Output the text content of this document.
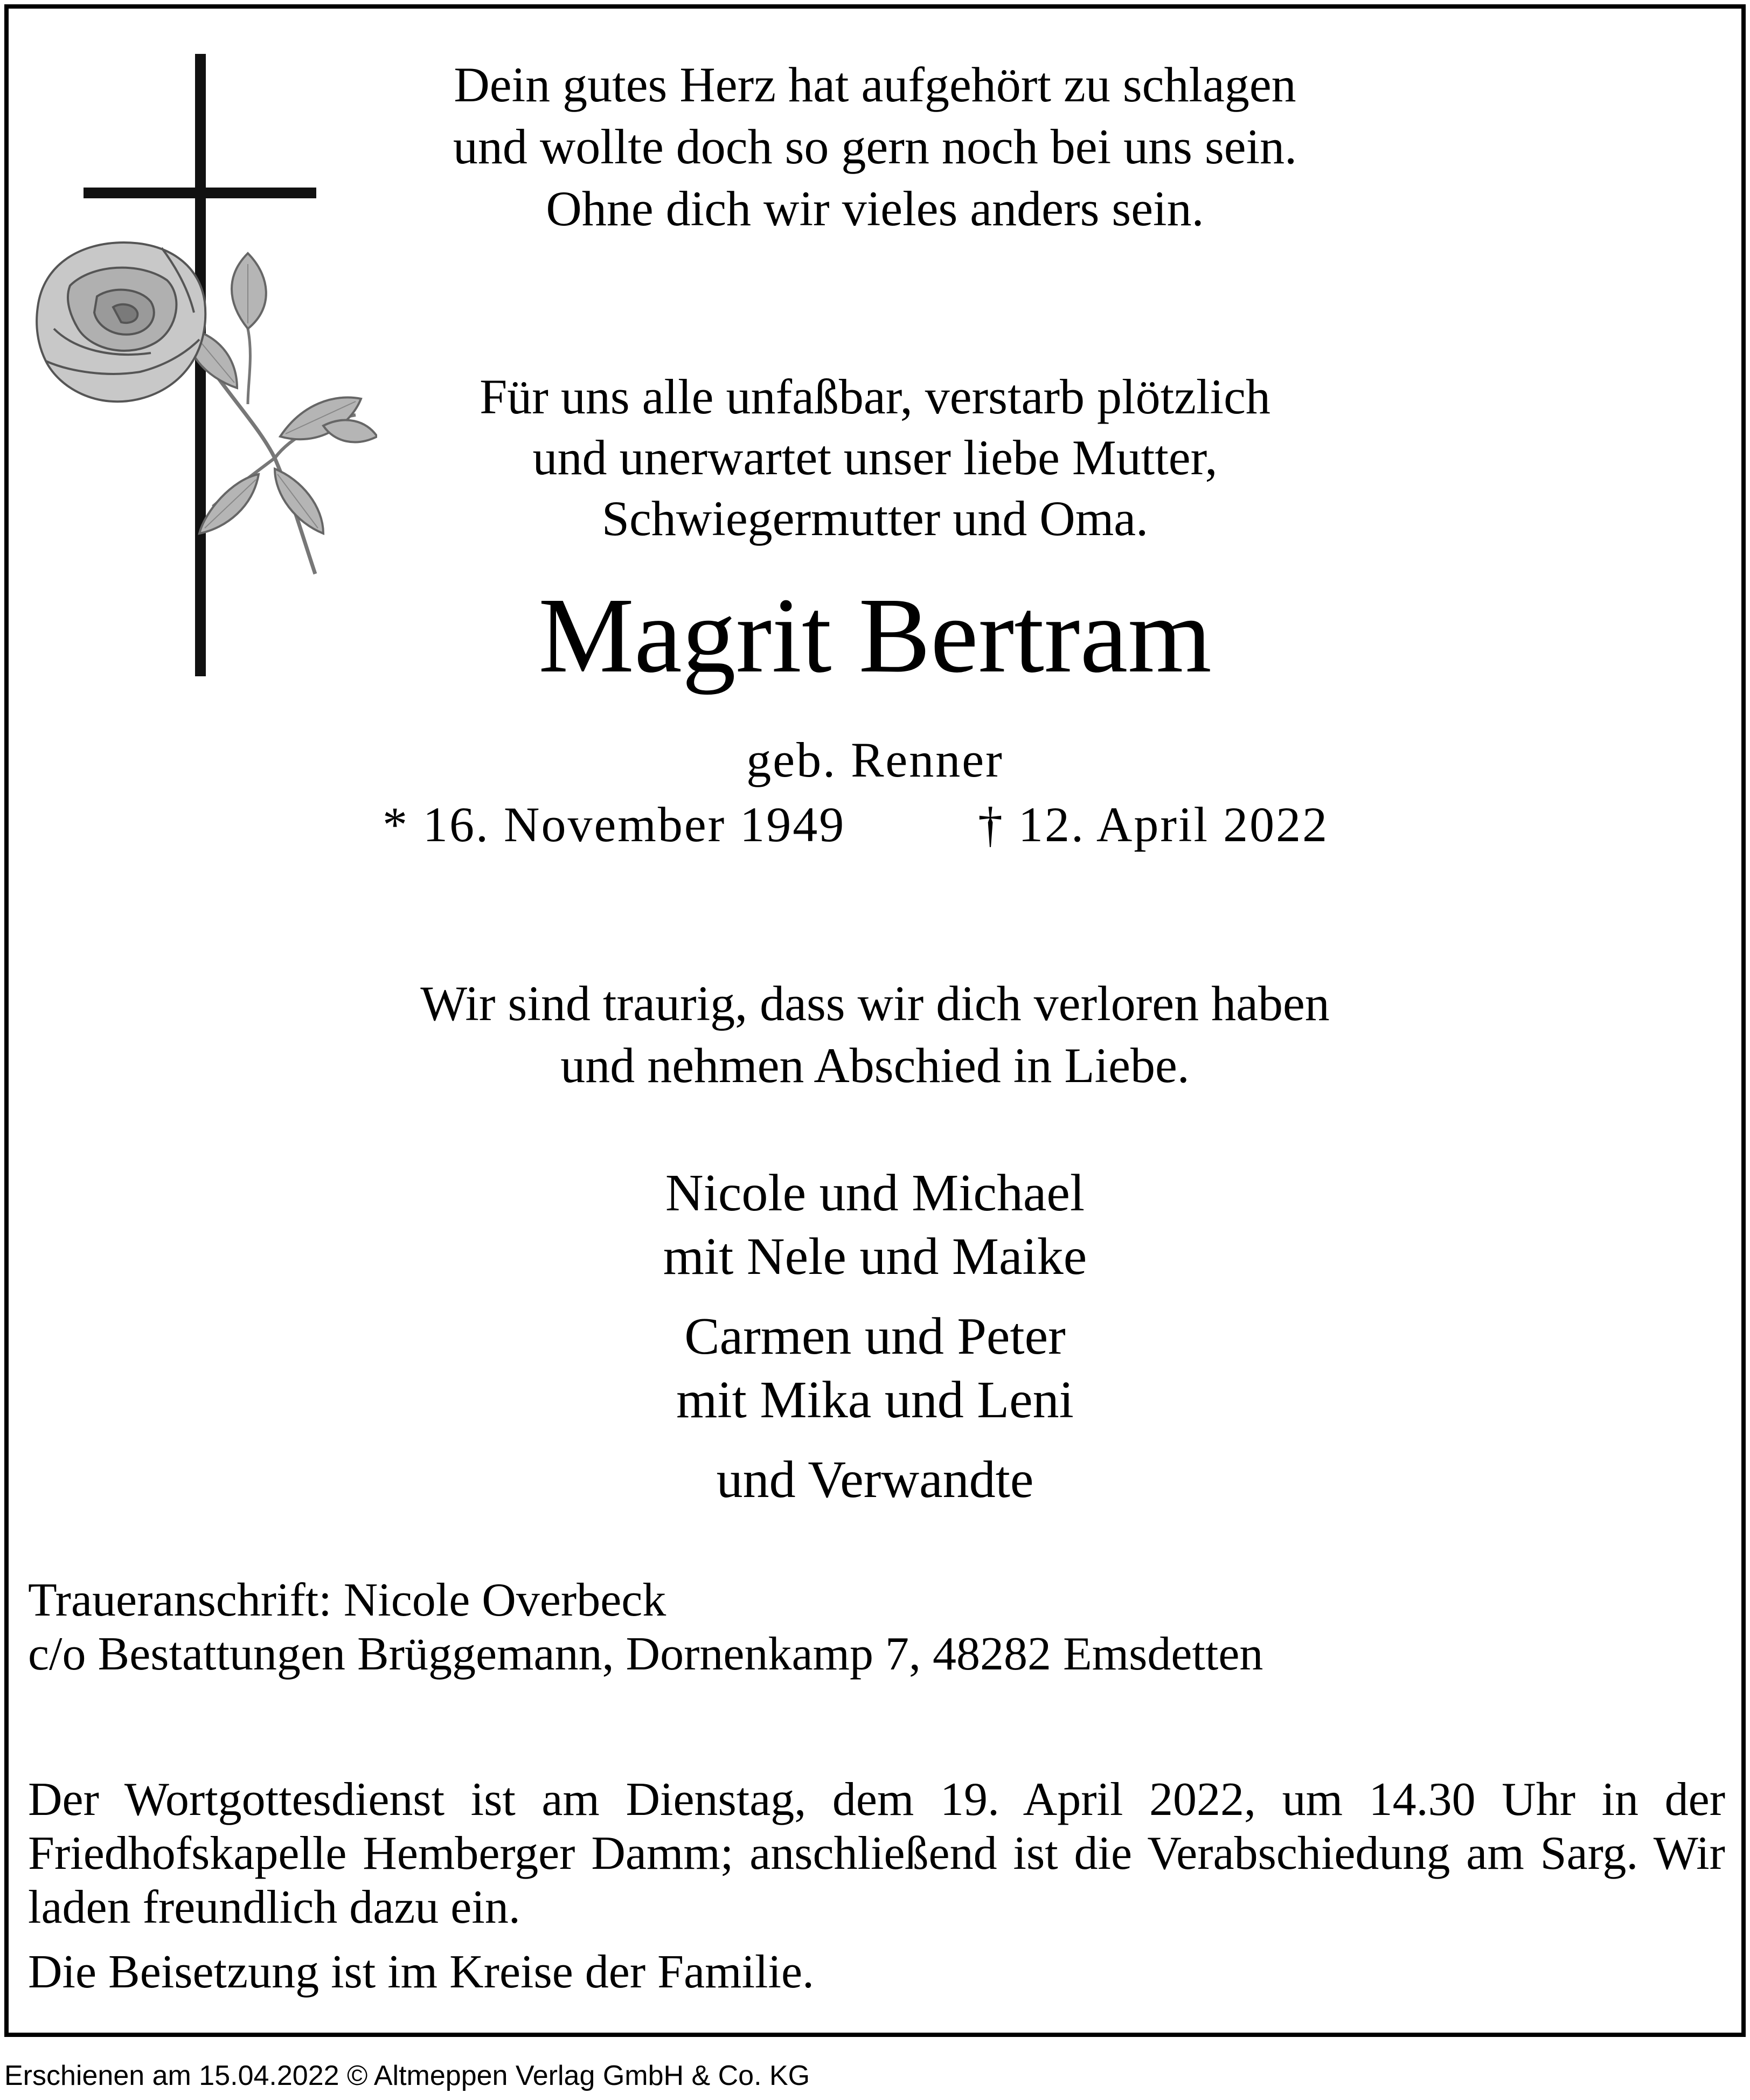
Dein gutes Herz hat aufgehört zu schlagen
und wollte doch so gern noch bei uns sein.
Ohne dich wir vieles anders sein.
Für uns alle unfaßbar, verstarb plötzlich
und unerwartet unser liebe Mutter,
Schwiegermutter und Oma.
Magrit Bertram
geb. Renner
* 16. November 1949	† 12. April 2022
Wir sind traurig, dass wir dich verloren haben
und nehmen Abschied in Liebe.
Nicole und Michael
mit Nele und Maike
Carmen und Peter
mit Mika und Leni
und Verwandte
Traueranschrift: Nicole Overbeck
c/o Bestattungen Brüggemann, Dornenkamp 7, 48282 Emsdetten
Der Wortgottesdienst ist am Dienstag, dem 19. April 2022, um 14.30 Uhr in der Friedhofskapelle Hemberger Damm; anschließend ist die Verabschiedung am Sarg. Wir laden freundlich dazu ein.
Die Beisetzung ist im Kreise der Familie.
Erschienen am 15.04.2022 © Altmeppen Verlag GmbH & Co. KG
